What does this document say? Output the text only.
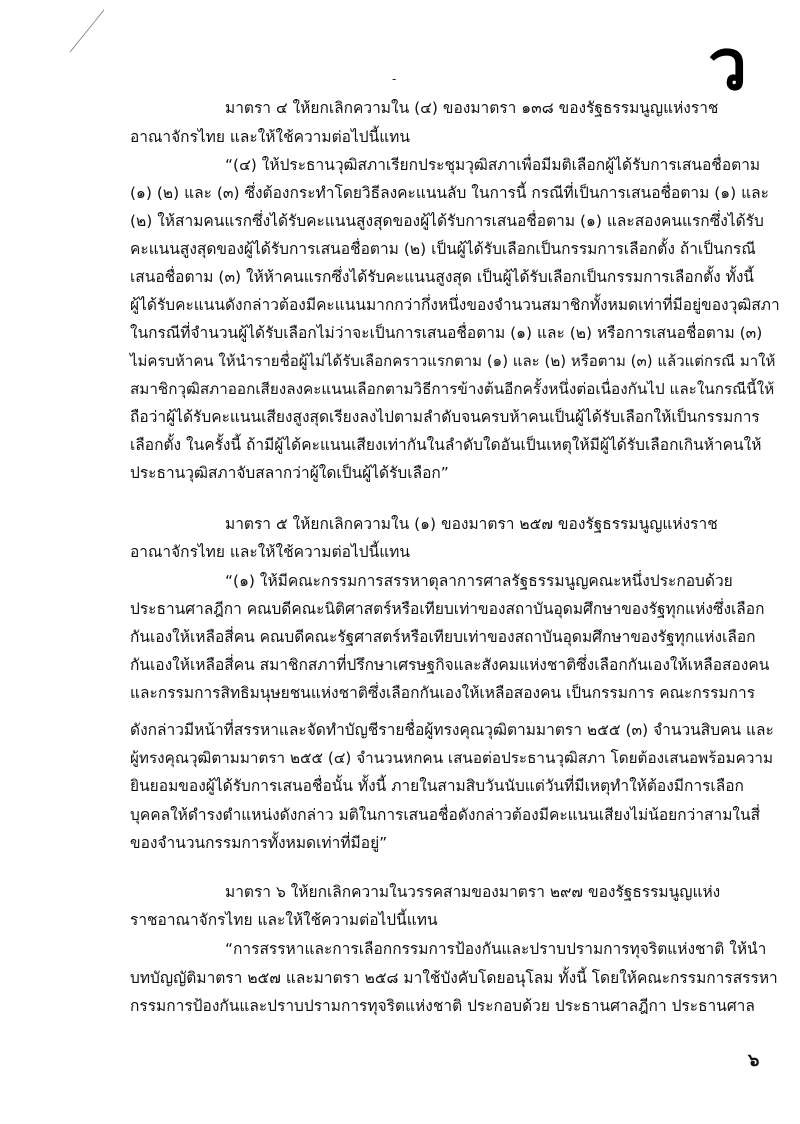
ว
-
มาตรา ๔ ให้ยกเลิกความใน (๔) ของมาตรา ๑๓๘ ของรัฐธรรมนูญแห่งราช
อาณาจักรไทย และให้ใช้ความต่อไปนี้แทน
“(๔) ให้ประธานวุฒิสภาเรียกประชุมวุฒิสภาเพื่อมีมติเลือกผู้ได้รับการเสนอชื่อตาม
(๑) (๒) และ (๓) ซึ่งต้องกระทำโดยวิธีลงคะแนนลับ ในการนี้ กรณีที่เป็นการเสนอชื่อตาม (๑) และ
(๒) ให้สามคนแรกซึ่งได้รับคะแนนสูงสุดของผู้ได้รับการเสนอชื่อตาม (๑) และสองคนแรกซึ่งได้รับ
คะแนนสูงสุดของผู้ได้รับการเสนอชื่อตาม (๒) เป็นผู้ได้รับเลือกเป็นกรรมการเลือกตั้ง ถ้าเป็นกรณี
เสนอชื่อตาม (๓) ให้ห้าคนแรกซึ่งได้รับคะแนนสูงสุด เป็นผู้ได้รับเลือกเป็นกรรมการเลือกตั้ง ทั้งนี้
ผู้ได้รับคะแนนดังกล่าวต้องมีคะแนนมากกว่ากึ่งหนึ่งของจำนวนสมาชิกทั้งหมดเท่าที่มีอยู่ของวุฒิสภา
ในกรณีที่จำนวนผู้ได้รับเลือกไม่ว่าจะเป็นการเสนอชื่อตาม (๑) และ (๒) หรือการเสนอชื่อตาม (๓)
ไม่ครบห้าคน ให้นำรายชื่อผู้ไม่ได้รับเลือกคราวแรกตาม (๑) และ (๒) หรือตาม (๓) แล้วแต่กรณี มาให้
สมาชิกวุฒิสภาออกเสียงลงคะแนนเลือกตามวิธีการข้างต้นอีกครั้งหนึ่งต่อเนื่องกันไป และในกรณีนี้ให้
ถือว่าผู้ได้รับคะแนนเสียงสูงสุดเรียงลงไปตามลำดับจนครบห้าคนเป็นผู้ได้รับเลือกให้เป็นกรรมการ
เลือกตั้ง ในครั้งนี้ ถ้ามีผู้ได้คะแนนเสียงเท่ากันในลำดับใดอันเป็นเหตุให้มีผู้ได้รับเลือกเกินห้าคนให้
ประธานวุฒิสภาจับสลากว่าผู้ใดเป็นผู้ได้รับเลือก”
มาตรา ๕ ให้ยกเลิกความใน (๑) ของมาตรา ๒๕๗ ของรัฐธรรมนูญแห่งราช
อาณาจักรไทย และให้ใช้ความต่อไปนี้แทน
“(๑) ให้มีคณะกรรมการสรรหาตุลาการศาลรัฐธรรมนูญคณะหนึ่งประกอบด้วย
ประธานศาลฎีกา คณบดีคณะนิติศาสตร์หรือเทียบเท่าของสถาบันอุดมศึกษาของรัฐทุกแห่งซึ่งเลือก
กันเองให้เหลือสี่คน คณบดีคณะรัฐศาสตร์หรือเทียบเท่าของสถาบันอุดมศึกษาของรัฐทุกแห่งเลือก
กันเองให้เหลือสี่คน สมาชิกสภาที่ปรึกษาเศรษฐกิจและสังคมแห่งชาติซึ่งเลือกกันเองให้เหลือสองคน
และกรรมการสิทธิมนุษยชนแห่งชาติซึ่งเลือกกันเองให้เหลือสองคน เป็นกรรมการ คณะกรรมการ
ดังกล่าวมีหน้าที่สรรหาและจัดทำบัญชีรายชื่อผู้ทรงคุณวุฒิตามมาตรา ๒๕๕ (๓) จำนวนสิบคน และ
ผู้ทรงคุณวุฒิตามมาตรา ๒๕๕ (๔) จำนวนหกคน เสนอต่อประธานวุฒิสภา โดยต้องเสนอพร้อมความ
ยินยอมของผู้ได้รับการเสนอชื่อนั้น ทั้งนี้ ภายในสามสิบวันนับแต่วันที่มีเหตุทำให้ต้องมีการเลือก
บุคคลให้ดำรงตำแหน่งดังกล่าว มติในการเสนอชื่อดังกล่าวต้องมีคะแนนเสียงไม่น้อยกว่าสามในสี่
ของจำนวนกรรมการทั้งหมดเท่าที่มีอยู่”
มาตรา ๖ ให้ยกเลิกความในวรรคสามของมาตรา ๒๙๗ ของรัฐธรรมนูญแห่ง
ราชอาณาจักรไทย และให้ใช้ความต่อไปนี้แทน
“การสรรหาและการเลือกกรรมการป้องกันและปราบปรามการทุจริตแห่งชาติ ให้นำ
บทบัญญัติมาตรา ๒๕๗ และมาตรา ๒๕๘ มาใช้บังคับโดยอนุโลม ทั้งนี้ โดยให้คณะกรรมการสรรหา
กรรมการป้องกันและปราบปรามการทุจริตแห่งชาติ ประกอบด้วย ประธานศาลฎีกา ประธานศาล
๖
